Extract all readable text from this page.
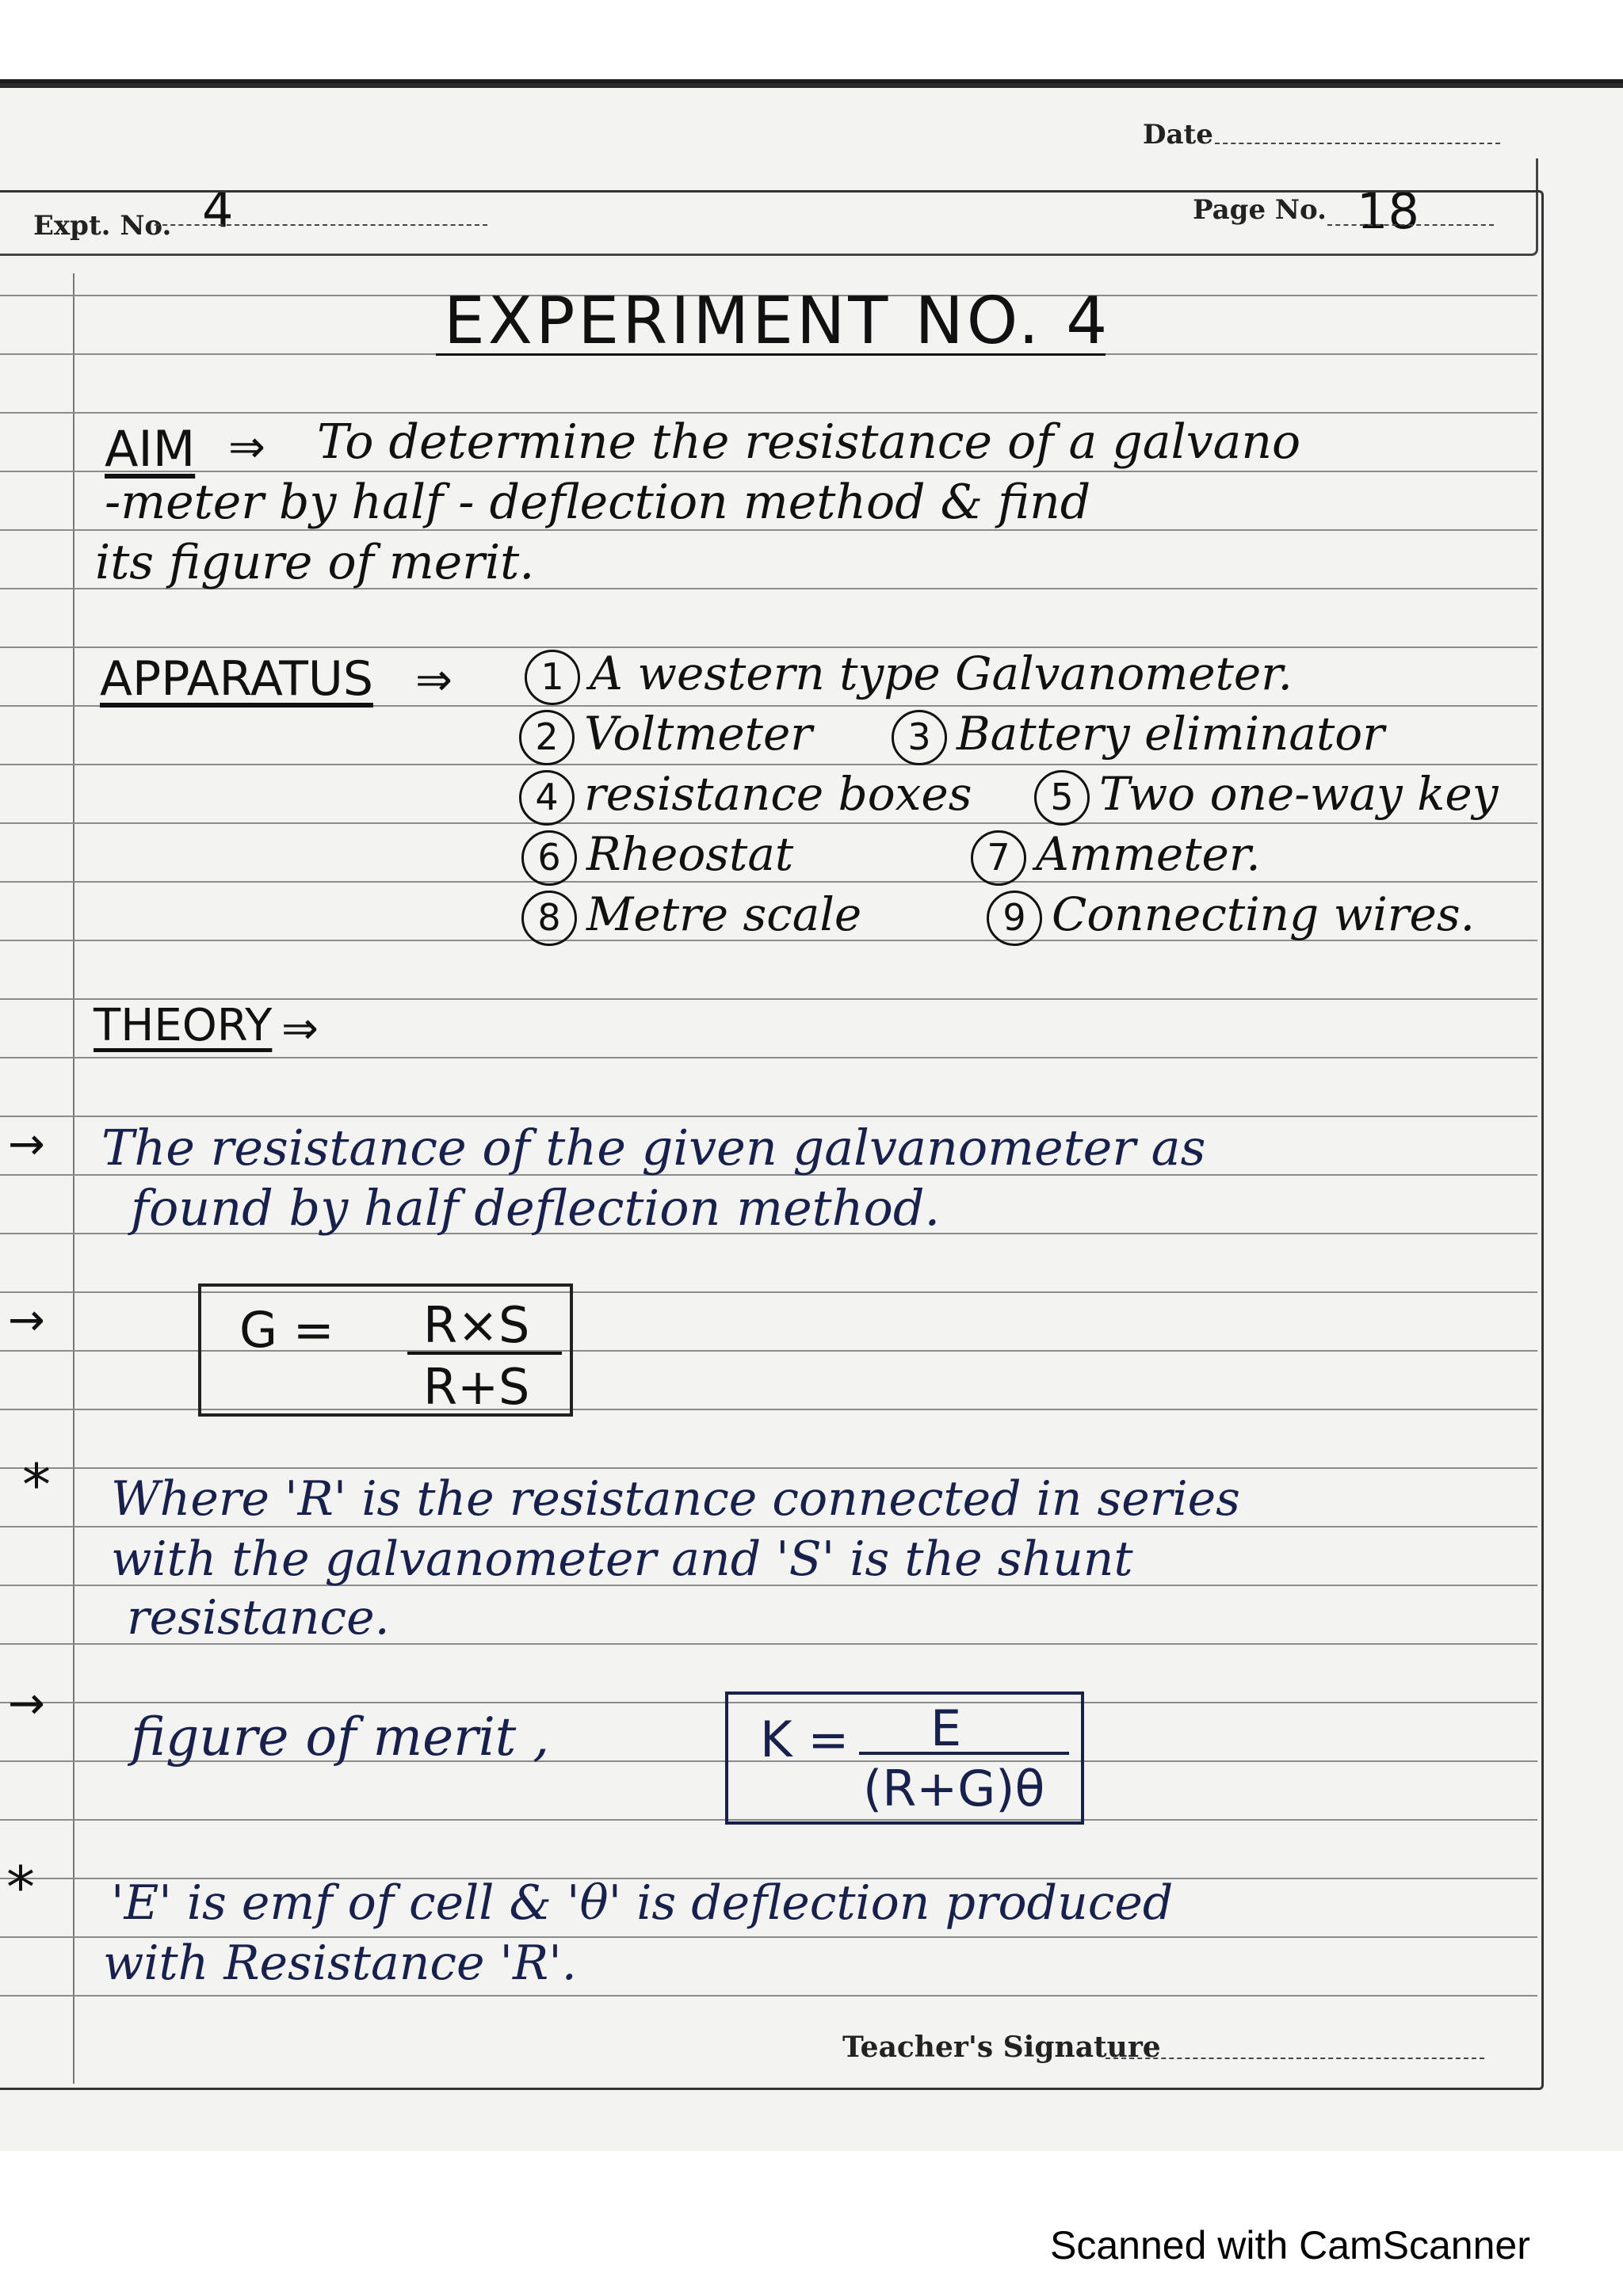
Date
Expt. No. 4	Page No. 18
EXPERIMENT NO. 4
AIM ⇒ To determine the resistance of a galvano
-meter by half - deflection method & find
its figure of merit.
APPARATUS ⇒	1 A western type Galvanometer.
2 Voltmeter	3 Battery eliminator
4 resistance boxes	5 Two one-way key
6 Rheostat	7 Ammeter.
8 Metre scale	9 Connecting wires.
THEORY ⇒
→ The resistance of the given galvanometer as
found by half deflection method.
→	G = R×S
R+S
* Where 'R' is the resistance connected in series
with the galvanometer and 'S' is the shunt
resistance.
→
figure of merit ,	K = E
(R+G)θ
* 'E' is emf of cell & 'θ' is deflection produced
with Resistance 'R'.
Teacher's Signature
Scanned with CamScanner
